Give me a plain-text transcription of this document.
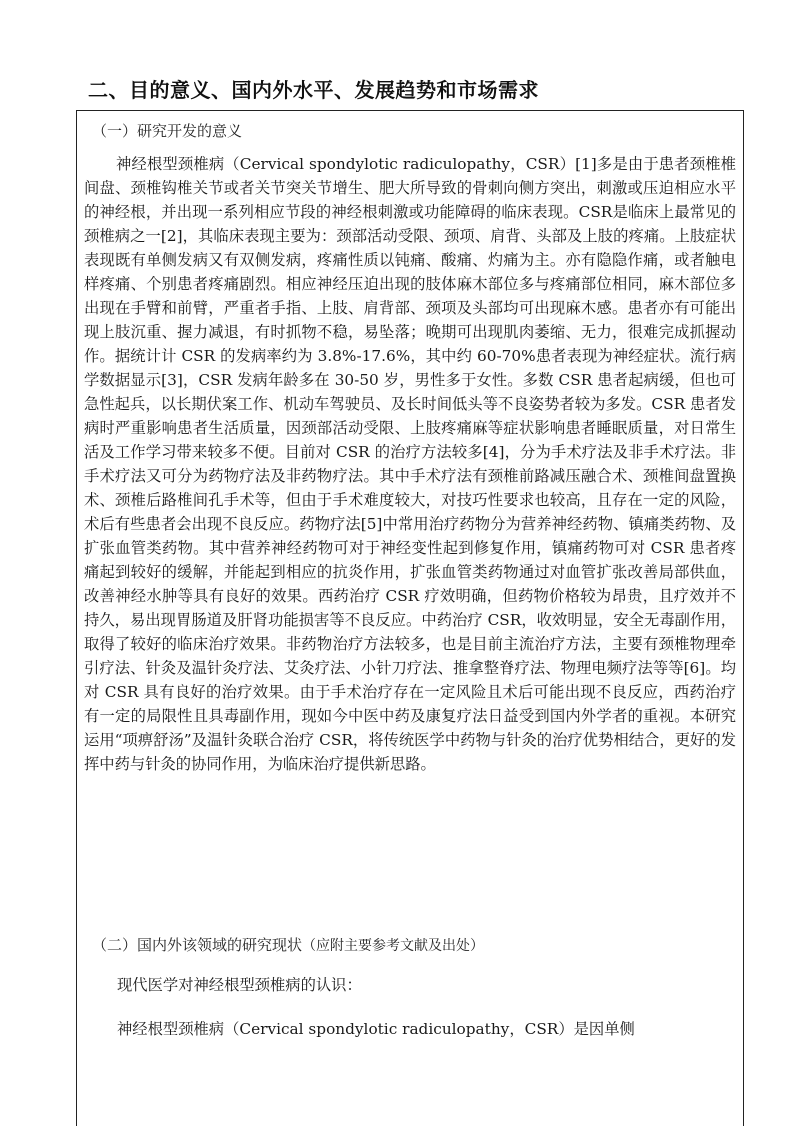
二、目的意义、国内外水平、发展趋势和市场需求
（一）研究开发的意义

神经根型颈椎病（Cervical spondylotic radiculopathy，CSR）[1]多是由于患者颈椎椎间盘、颈椎钩椎关节或者关节突关节增生、肥大所导致的骨刺向侧方突出，刺激或压迫相应水平的神经根，并出现一系列相应节段的神经根刺激或功能障碍的临床表现。CSR是临床上最常见的颈椎病之一[2]，其临床表现主要为：颈部活动受限、颈项、肩背、头部及上肢的疼痛。上肢症状表现既有单侧发病又有双侧发病，疼痛性质以钝痛、酸痛、灼痛为主。亦有隐隐作痛，或者触电样疼痛、个别患者疼痛剧烈。相应神经压迫出现的肢体麻木部位多与疼痛部位相同，麻木部位多出现在手臂和前臂，严重者手指、上肢、肩背部、颈项及头部均可出现麻木感。患者亦有可能出现上肢沉重、握力减退，有时抓物不稳，易坠落；晚期可出现肌肉萎缩、无力，很难完成抓握动作。据统计计 CSR 的发病率约为 3.8%-17.6%，其中约 60-70%患者表现为神经症状。流行病学数据显示[3]，CSR 发病年龄多在 30-50 岁，男性多于女性。多数 CSR 患者起病缓，但也可急性起兵，以长期伏案工作、机动车驾驶员、及长时间低头等不良姿势者较为多发。CSR 患者发病时严重影响患者生活质量，因颈部活动受限、上肢疼痛麻等症状影响患者睡眠质量，对日常生活及工作学习带来较多不便。目前对 CSR 的治疗方法较多[4]，分为手术疗法及非手术疗法。非手术疗法又可分为药物疗法及非药物疗法。其中手术疗法有颈椎前路减压融合术、颈椎间盘置换术、颈椎后路椎间孔手术等，但由于手术难度较大，对技巧性要求也较高，且存在一定的风险，术后有些患者会出现不良反应。药物疗法[5]中常用治疗药物分为营养神经药物、镇痛类药物、及扩张血管类药物。其中营养神经药物可对于神经变性起到修复作用，镇痛药物可对 CSR 患者疼痛起到较好的缓解，并能起到相应的抗炎作用，扩张血管类药物通过对血管扩张改善局部供血，改善神经水肿等具有良好的效果。西药治疗 CSR 疗效明确，但药物价格较为昂贵，且疗效并不持久，易出现胃肠道及肝肾功能损害等不良反应。中药治疗 CSR，收效明显，安全无毒副作用，取得了较好的临床治疗效果。非药物治疗方法较多，也是目前主流治疗方法，主要有颈椎物理牵引疗法、针灸及温针灸疗法、艾灸疗法、小针刀疗法、推拿整脊疗法、物理电频疗法等等[6]。均对 CSR 具有良好的治疗效果。由于手术治疗存在一定风险且术后可能出现不良反应，西药治疗有一定的局限性且具毒副作用，现如今中医中药及康复疗法日益受到国内外学者的重视。本研究运用“项痹舒汤”及温针灸联合治疗 CSR，将传统医学中药物与针灸的治疗优势相结合，更好的发挥中药与针灸的协同作用，为临床治疗提供新思路。

（二）国内外该领域的研究现状（应附主要参考文献及出处）
现代医学对神经根型颈椎病的认识：
神经根型颈椎病（Cervical spondylotic radiculopathy，CSR）是因单侧
